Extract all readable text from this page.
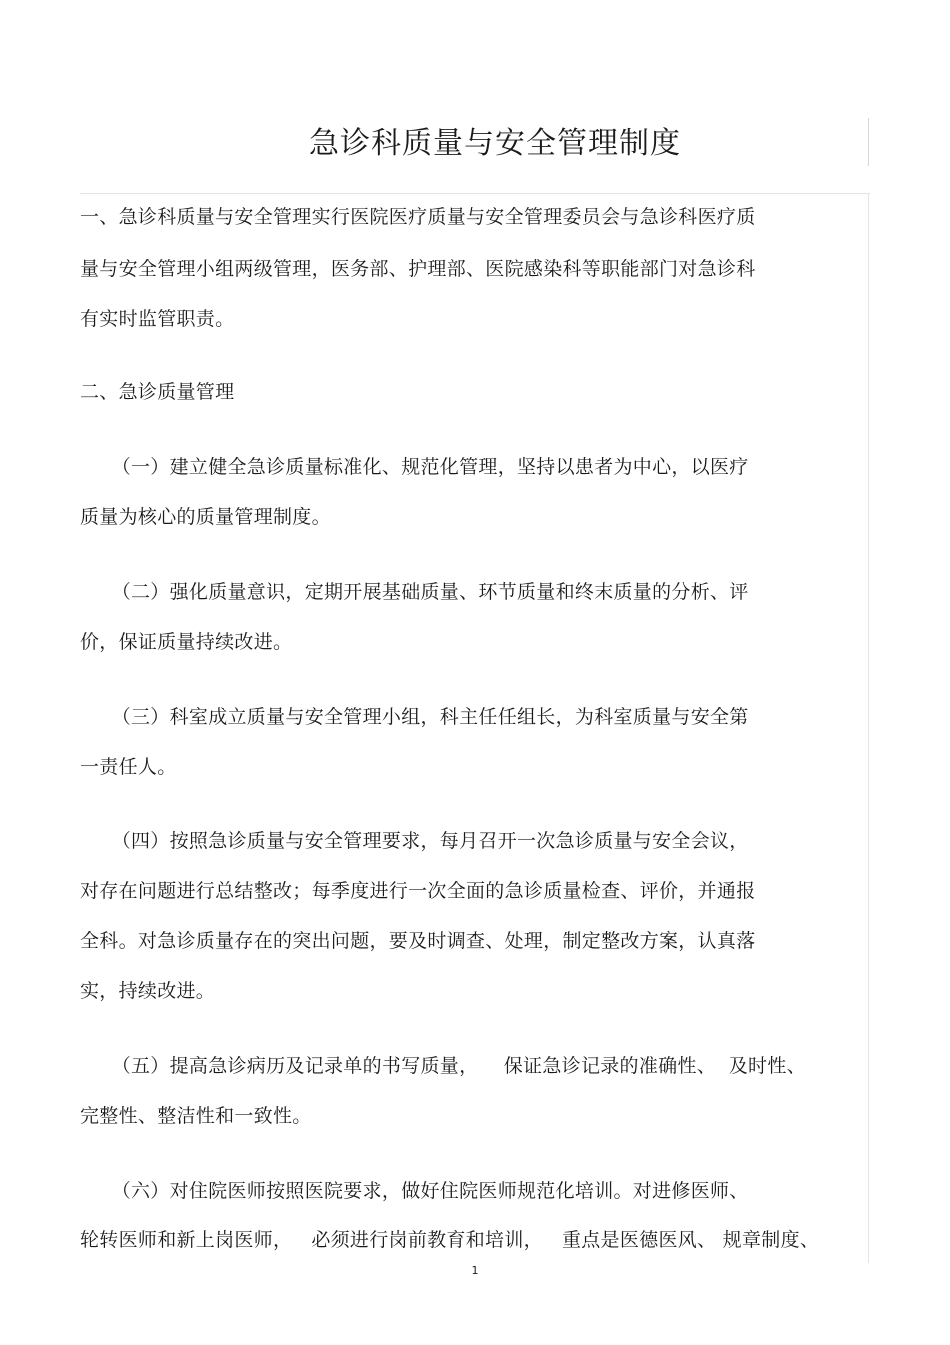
急诊科质量与安全管理制度
一、急诊科质量与安全管理实行医院医疗质量与安全管理委员会与急诊科医疗质
量与安全管理小组两级管理，医务部、护理部、医院感染科等职能部门对急诊科
有实时监管职责。
二、急诊质量管理
（一）建立健全急诊质量标准化、规范化管理，坚持以患者为中心，以医疗
质量为核心的质量管理制度。
（二）强化质量意识，定期开展基础质量、环节质量和终末质量的分析、评
价，保证质量持续改进。
（三）科室成立质量与安全管理小组，科主任任组长，为科室质量与安全第
一责任人。
（四）按照急诊质量与安全管理要求，每月召开一次急诊质量与安全会议，
对存在问题进行总结整改；每季度进行一次全面的急诊质量检查、评价，并通报
全科。对急诊质量存在的突出问题，要及时调查、处理，制定整改方案，认真落
实，持续改进。
（五）提高急诊病历及记录单的书写质量，    保证急诊记录的准确性、  及时性、
完整性、整洁性和一致性。
（六）对住院医师按照医院要求，做好住院医师规范化培训。对进修医师、
轮转医师和新上岗医师，   必须进行岗前教育和培训，   重点是医德医风、 规章制度、
1
